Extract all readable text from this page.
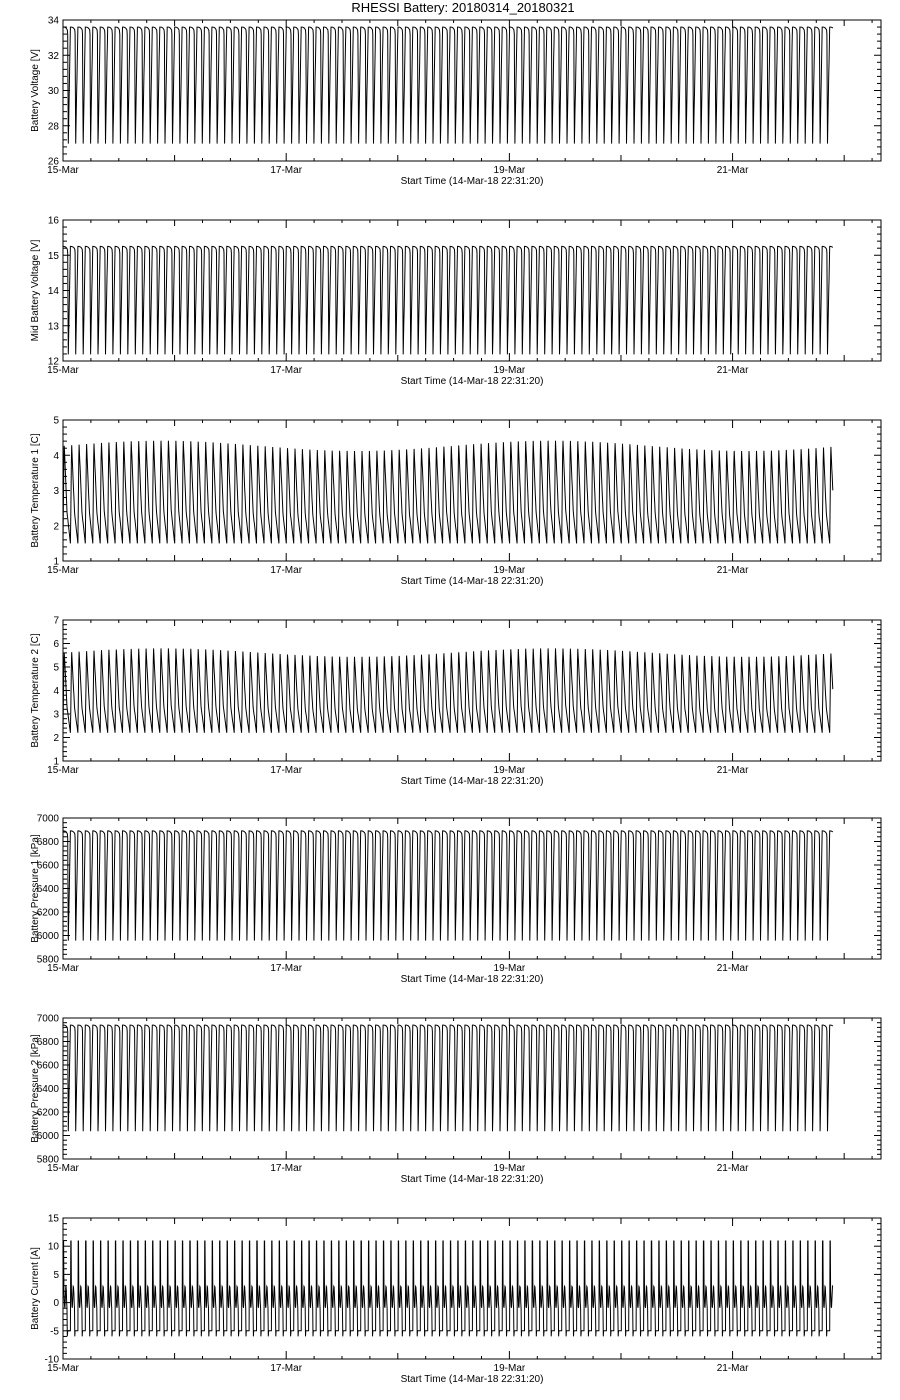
RHESSI Battery: 20180314_20180321
26
28
30
32
34
15-Mar	17-Mar	19-Mar	21-Mar
Start Time (14-Mar-18 22:31:20)
Battery Voltage [V]
12
13
14
15
16
15-Mar	17-Mar	19-Mar	21-Mar
Start Time (14-Mar-18 22:31:20)
Mid Battery Voltage [V]
1
2
3
4
5
15-Mar	17-Mar	19-Mar	21-Mar
Start Time (14-Mar-18 22:31:20)
Battery Temperature 1 [C]
1
2
3
4
5
6
7
15-Mar	17-Mar	19-Mar	21-Mar
Start Time (14-Mar-18 22:31:20)
Battery Temperature 2 [C]
5800
6000
6200
6400
6600
6800
7000
15-Mar	17-Mar	19-Mar	21-Mar
Start Time (14-Mar-18 22:31:20)
Battery Pressure 1 [kPa]
5800
6000
6200
6400
6600
6800
7000
15-Mar	17-Mar	19-Mar	21-Mar
Start Time (14-Mar-18 22:31:20)
Battery Pressure 2 [kPa]
-10
-5
0
5
10
15
15-Mar	17-Mar	19-Mar	21-Mar
Start Time (14-Mar-18 22:31:20)
Battery Current [A]
